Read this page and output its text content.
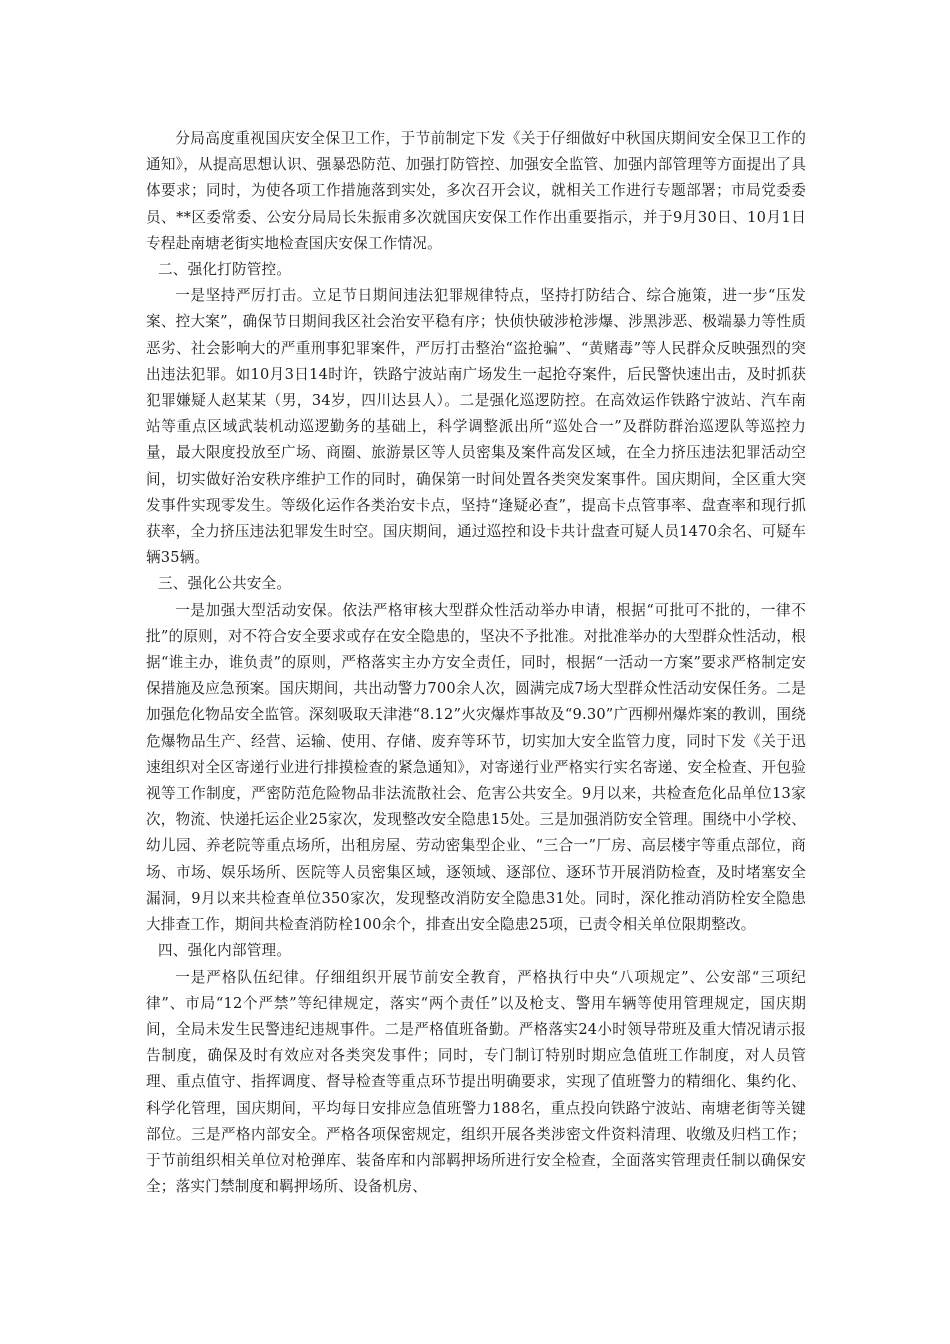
分局高度重视国庆安全保卫工作，于节前制定下发《关于仔细做好中秋国庆期间安全保卫工作的通知》，从提高思想认识、强暴恐防范、加强打防管控、加强安全监管、加强内部管理等方面提出了具体要求；同时，为使各项工作措施落到实处，多次召开会议，就相关工作进行专题部署；市局党委委员、**区委常委、公安分局局长朱振甫多次就国庆安保工作作出重要指示，并于9月30日、10月1日专程赴南塘老街实地检查国庆安保工作情况。

二、强化打防管控。

一是坚持严厉打击。立足节日期间违法犯罪规律特点，坚持打防结合、综合施策，进一步“压发案、控大案”，确保节日期间我区社会治安平稳有序；快侦快破涉枪涉爆、涉黑涉恶、极端暴力等性质恶劣、社会影响大的严重刑事犯罪案件，严厉打击整治“盗抢骗”、“黄赌毒”等人民群众反映强烈的突出违法犯罪。如10月3日14时许，铁路宁波站南广场发生一起抢夺案件，后民警快速出击，及时抓获犯罪嫌疑人赵某某（男，34岁，四川达县人）。二是强化巡逻防控。在高效运作铁路宁波站、汽车南站等重点区域武装机动巡逻勤务的基础上，科学调整派出所“巡处合一”及群防群治巡逻队等巡控力量，最大限度投放至广场、商圈、旅游景区等人员密集及案件高发区域，在全力挤压违法犯罪活动空间，切实做好治安秩序维护工作的同时，确保第一时间处置各类突发案事件。国庆期间，全区重大突发事件实现零发生。等级化运作各类治安卡点，坚持“逢疑必查”，提高卡点管事率、盘查率和现行抓获率，全力挤压违法犯罪发生时空。国庆期间，通过巡控和设卡共计盘查可疑人员1470余名、可疑车辆35辆。

三、强化公共安全。

一是加强大型活动安保。依法严格审核大型群众性活动举办申请，根据“可批可不批的，一律不批”的原则，对不符合安全要求或存在安全隐患的，坚决不予批准。对批准举办的大型群众性活动，根据“谁主办，谁负责”的原则，严格落实主办方安全责任，同时，根据“一活动一方案”要求严格制定安保措施及应急预案。国庆期间，共出动警力700余人次，圆满完成7场大型群众性活动安保任务。二是加强危化物品安全监管。深刻吸取天津港“8.12”火灾爆炸事故及“9.30”广西柳州爆炸案的教训，围绕危爆物品生产、经营、运输、使用、存储、废弃等环节，切实加大安全监管力度，同时下发《关于迅速组织对全区寄递行业进行排摸检查的紧急通知》，对寄递行业严格实行实名寄递、安全检查、开包验视等工作制度，严密防范危险物品非法流散社会、危害公共安全。9月以来，共检查危化品单位13家次，物流、快递托运企业25家次，发现整改安全隐患15处。三是加强消防安全管理。围绕中小学校、幼儿园、养老院等重点场所，出租房屋、劳动密集型企业、“三合一”厂房、高层楼宇等重点部位，商场、市场、娱乐场所、医院等人员密集区域，逐领域、逐部位、逐环节开展消防检查，及时堵塞安全漏洞，9月以来共检查单位350家次，发现整改消防安全隐患31处。同时，深化推动消防栓安全隐患大排查工作，期间共检查消防栓100余个，排查出安全隐患25项，已责令相关单位限期整改。

四、强化内部管理。

一是严格队伍纪律。仔细组织开展节前安全教育，严格执行中央“八项规定”、公安部“三项纪律”、市局“12个严禁”等纪律规定，落实“两个责任”以及枪支、警用车辆等使用管理规定，国庆期间，全局未发生民警违纪违规事件。二是严格值班备勤。严格落实24小时领导带班及重大情况请示报告制度，确保及时有效应对各类突发事件；同时，专门制订特别时期应急值班工作制度，对人员管理、重点值守、指挥调度、督导检查等重点环节提出明确要求，实现了值班警力的精细化、集约化、科学化管理，国庆期间，平均每日安排应急值班警力188名，重点投向铁路宁波站、南塘老街等关键部位。三是严格内部安全。严格各项保密规定，组织开展各类涉密文件资料清理、收缴及归档工作；于节前组织相关单位对枪弹库、装备库和内部羁押场所进行安全检查，全面落实管理责任制以确保安全；落实门禁制度和羁押场所、设备机房、
